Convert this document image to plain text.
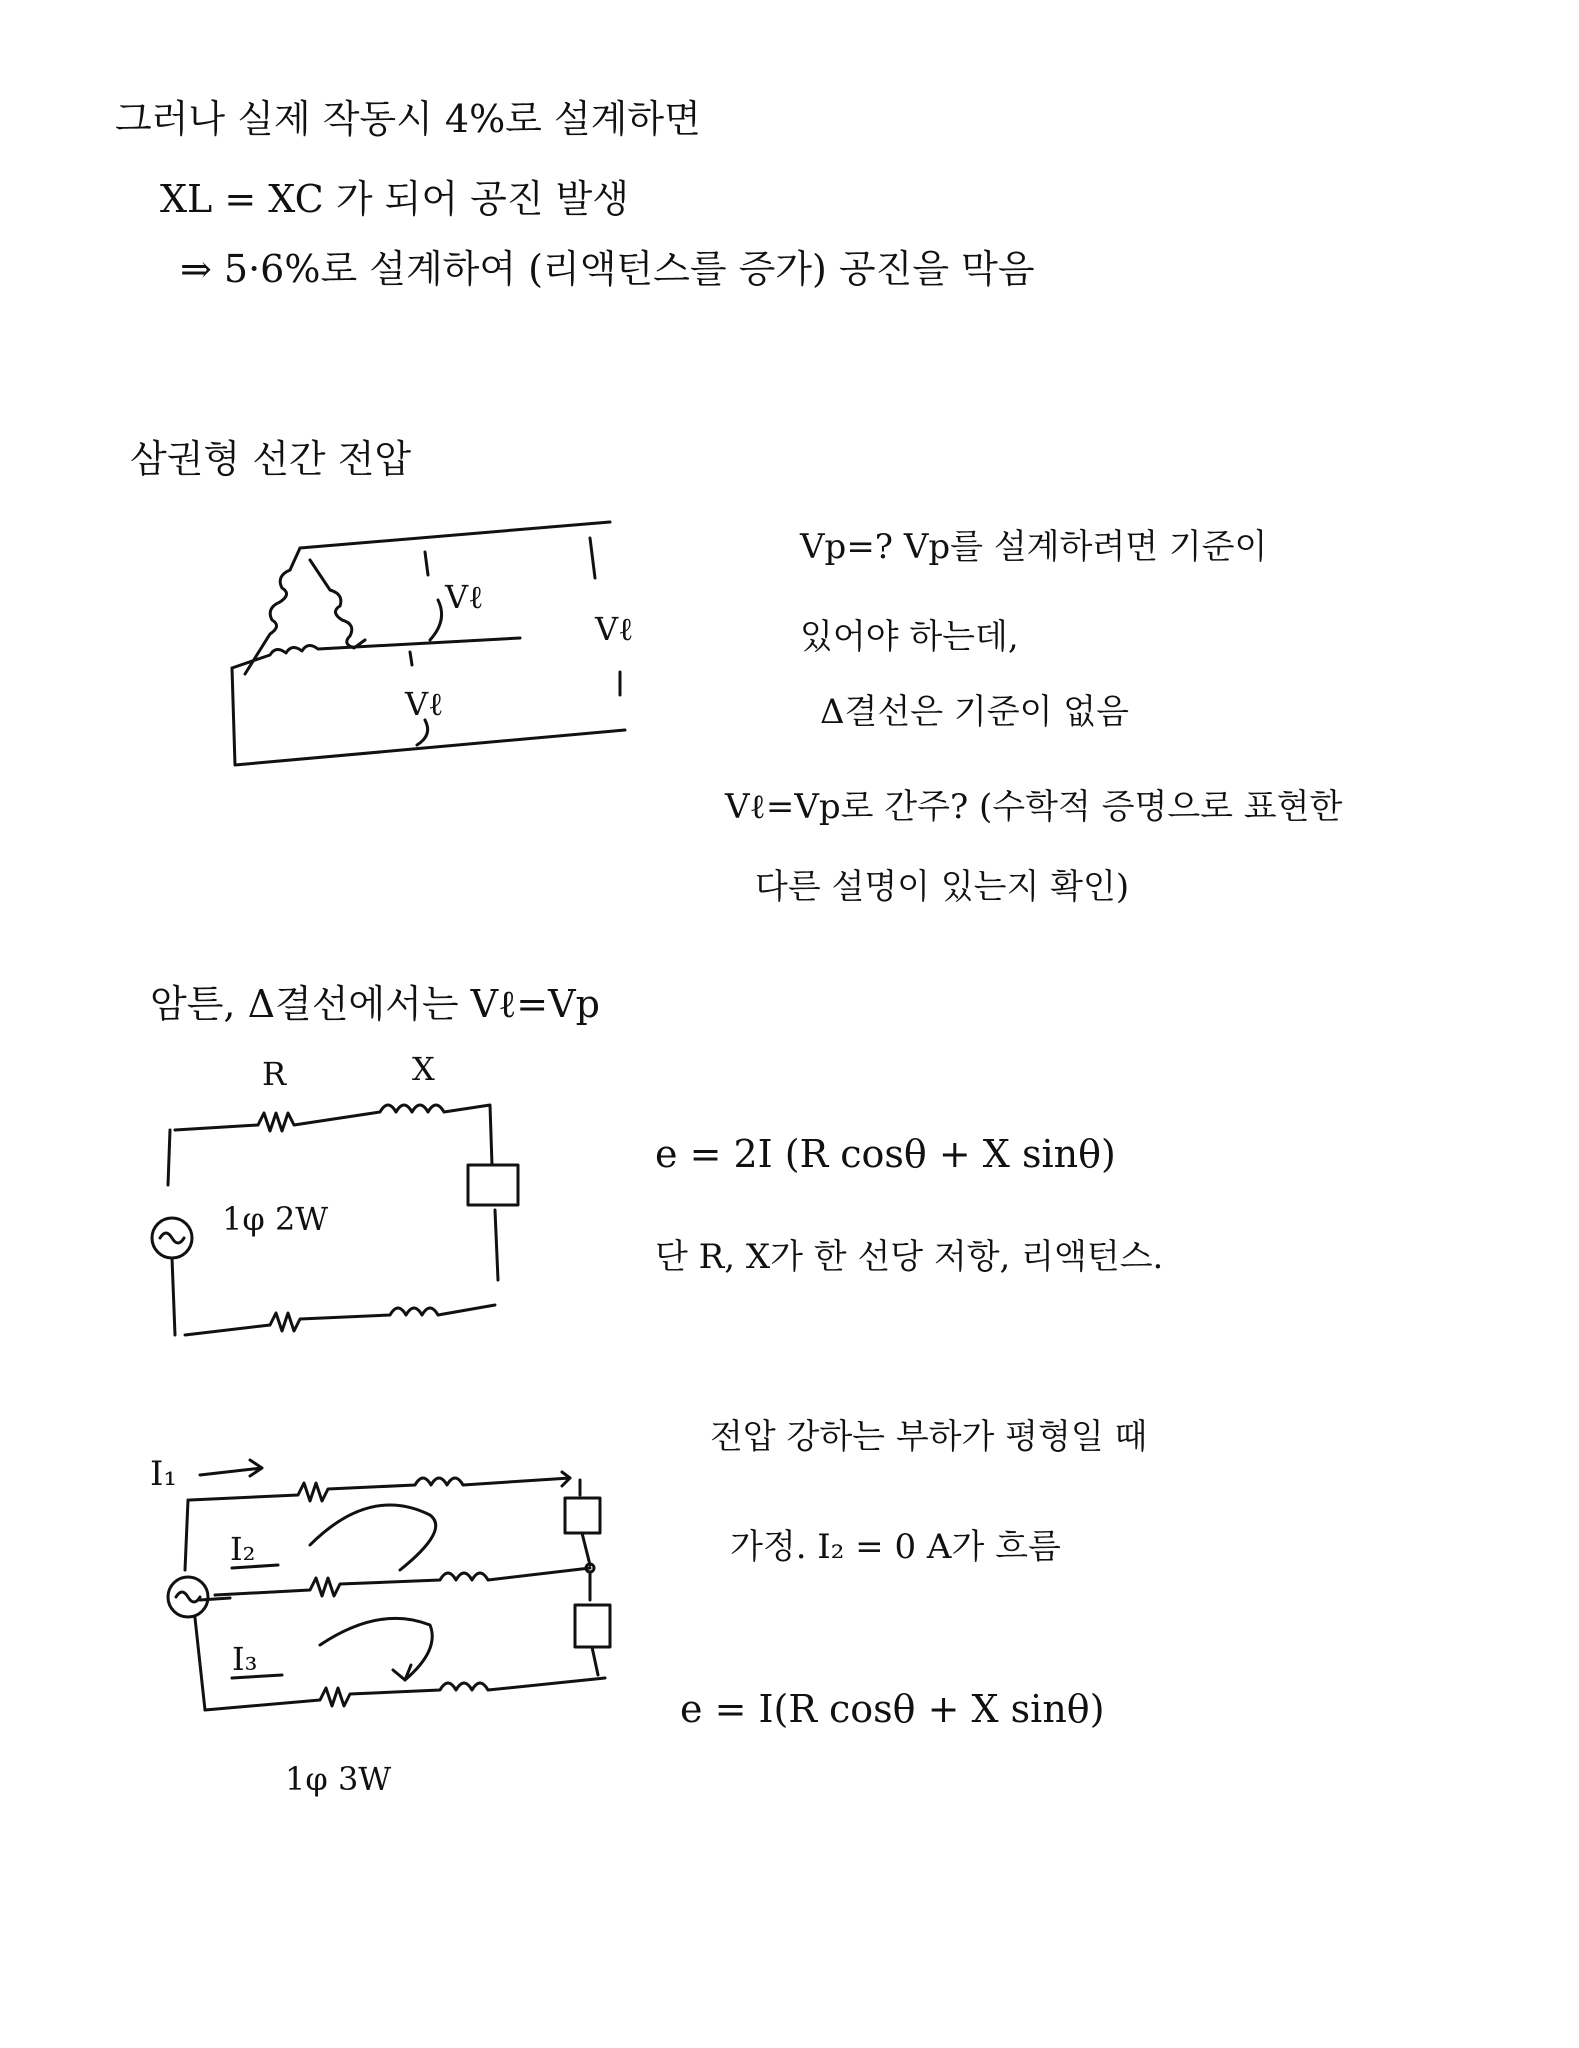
그러나 실제 작동시 4%로 설계하면
XL = XC 가 되어 공진 발생
⇒ 5·6%로 설계하여 (리액턴스를 증가) 공진을 막음
삼권형 선간 전압
Vp=? Vp를 설계하려면 기준이
있어야 하는데,
Δ결선은 기준이 없음
Vℓ=Vp로 간주? (수학적 증명으로 표현한
다른 설명이 있는지 확인)
암튼, Δ결선에서는 Vℓ=Vp
e = 2I (R cosθ + X sinθ)
단 R, X가 한 선당 저항, 리액턴스.
전압 강하는 부하가 평형일 때
가정. I₂ = 0 A가 흐름
e = I(R cosθ + X sinθ)
Vℓ
Vℓ
Vℓ
R	X
1φ 2W
I₁
I₂
I₃
1φ 3W
